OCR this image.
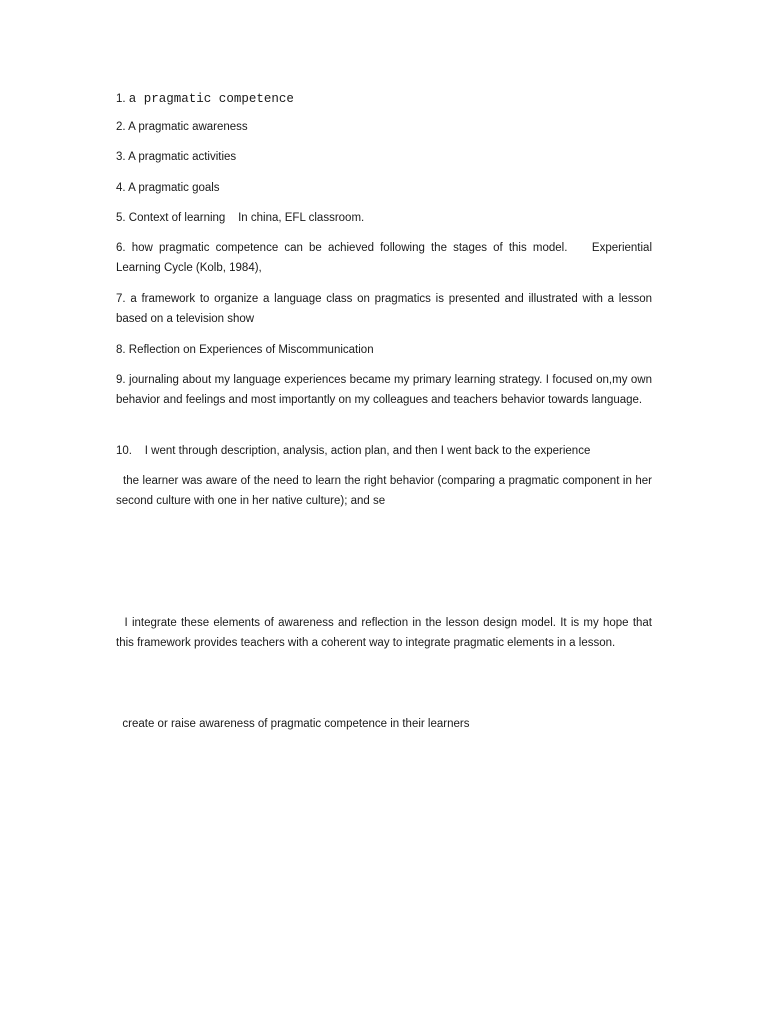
1. a pragmatic competence

2. A pragmatic awareness

3. A pragmatic activities

4. A pragmatic goals

5. Context of learning    In china, EFL classroom.

6. how pragmatic competence can be achieved following the stages of this model.    Experiential Learning Cycle (Kolb, 1984),

7. a framework to organize a language class on pragmatics is presented and illustrated with a lesson based on a television show

8. Reflection on Experiences of Miscommunication

9. journaling about my language experiences became my primary learning strategy. I focused on,my own behavior and feelings and most importantly on my colleagues and teachers behavior towards language.

10.    I went through description, analysis, action plan, and then I went back to the experience

the learner was aware of the need to learn the right behavior (comparing a pragmatic component in her second culture with one in her native culture); and se

I integrate these elements of awareness and reflection in the lesson design model. It is my hope that this framework provides teachers with a coherent way to integrate pragmatic elements in a lesson.

create or raise awareness of pragmatic competence in their learners
